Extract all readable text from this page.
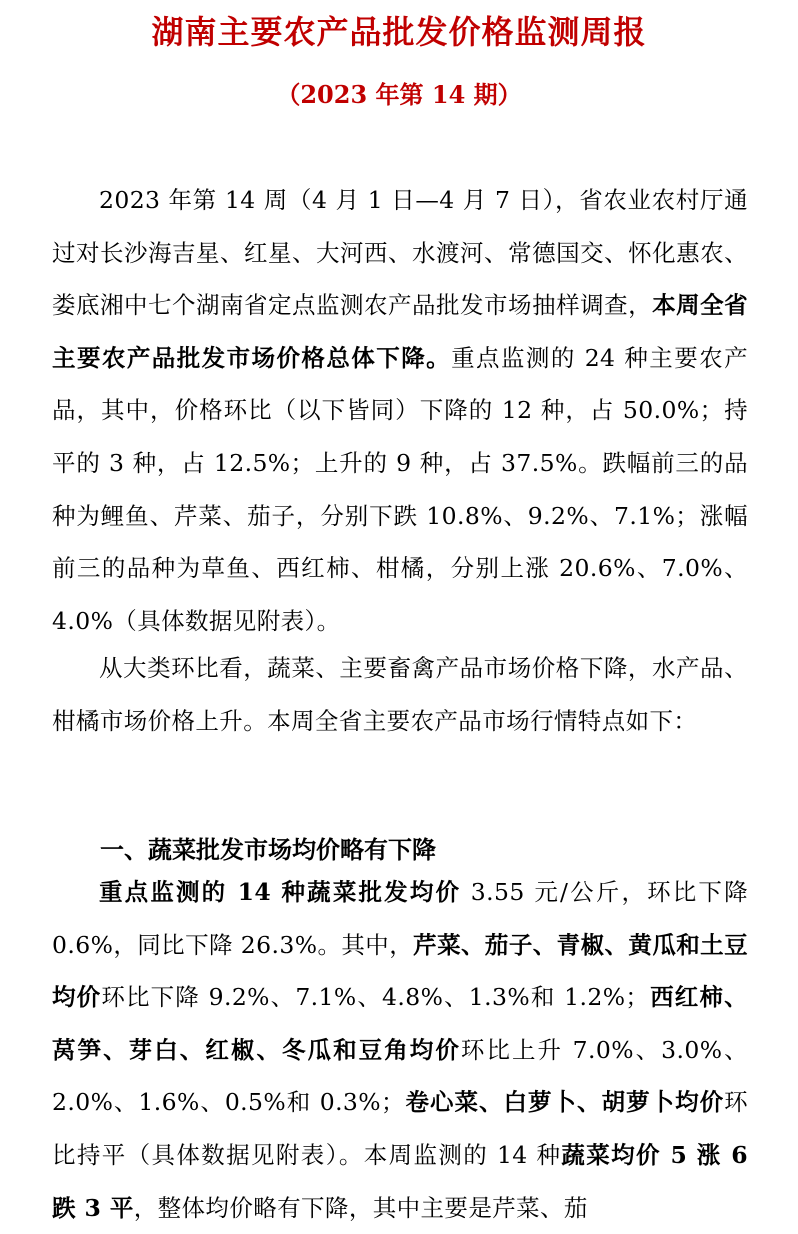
湖南主要农产品批发价格监测周报
（2023 年第 14 期）

2023 年第 14 周（4 月 1 日—4 月 7 日），省农业农村厅通过对长沙海吉星、红星、大河西、水渡河、常德国交、怀化惠农、娄底湘中七个湖南省定点监测农产品批发市场抽样调查，本周全省主要农产品批发市场价格总体下降。重点监测的 24 种主要农产品，其中，价格环比（以下皆同）下降的 12 种，占 50.0%；持平的 3 种，占 12.5%；上升的 9 种，占 37.5%。跌幅前三的品种为鲤鱼、芹菜、茄子，分别下跌 10.8%、9.2%、7.1%；涨幅前三的品种为草鱼、西红柿、柑橘，分别上涨 20.6%、7.0%、4.0%（具体数据见附表）。

从大类环比看，蔬菜、主要畜禽产品市场价格下降，水产品、柑橘市场价格上升。本周全省主要农产品市场行情特点如下：

一、蔬菜批发市场均价略有下降

重点监测的 14 种蔬菜批发均价 3.55 元/公斤，环比下降 0.6%，同比下降 26.3%。其中，芹菜、茄子、青椒、黄瓜和土豆均价环比下降 9.2%、7.1%、4.8%、1.3%和 1.2%；西红柿、莴笋、芽白、红椒、冬瓜和豆角均价环比上升 7.0%、3.0%、2.0%、1.6%、0.5%和 0.3%；卷心菜、白萝卜、胡萝卜均价环比持平（具体数据见附表）。本周监测的 14 种蔬菜均价 5 涨 6 跌 3 平，整体均价略有下降，其中主要是芹菜、茄
